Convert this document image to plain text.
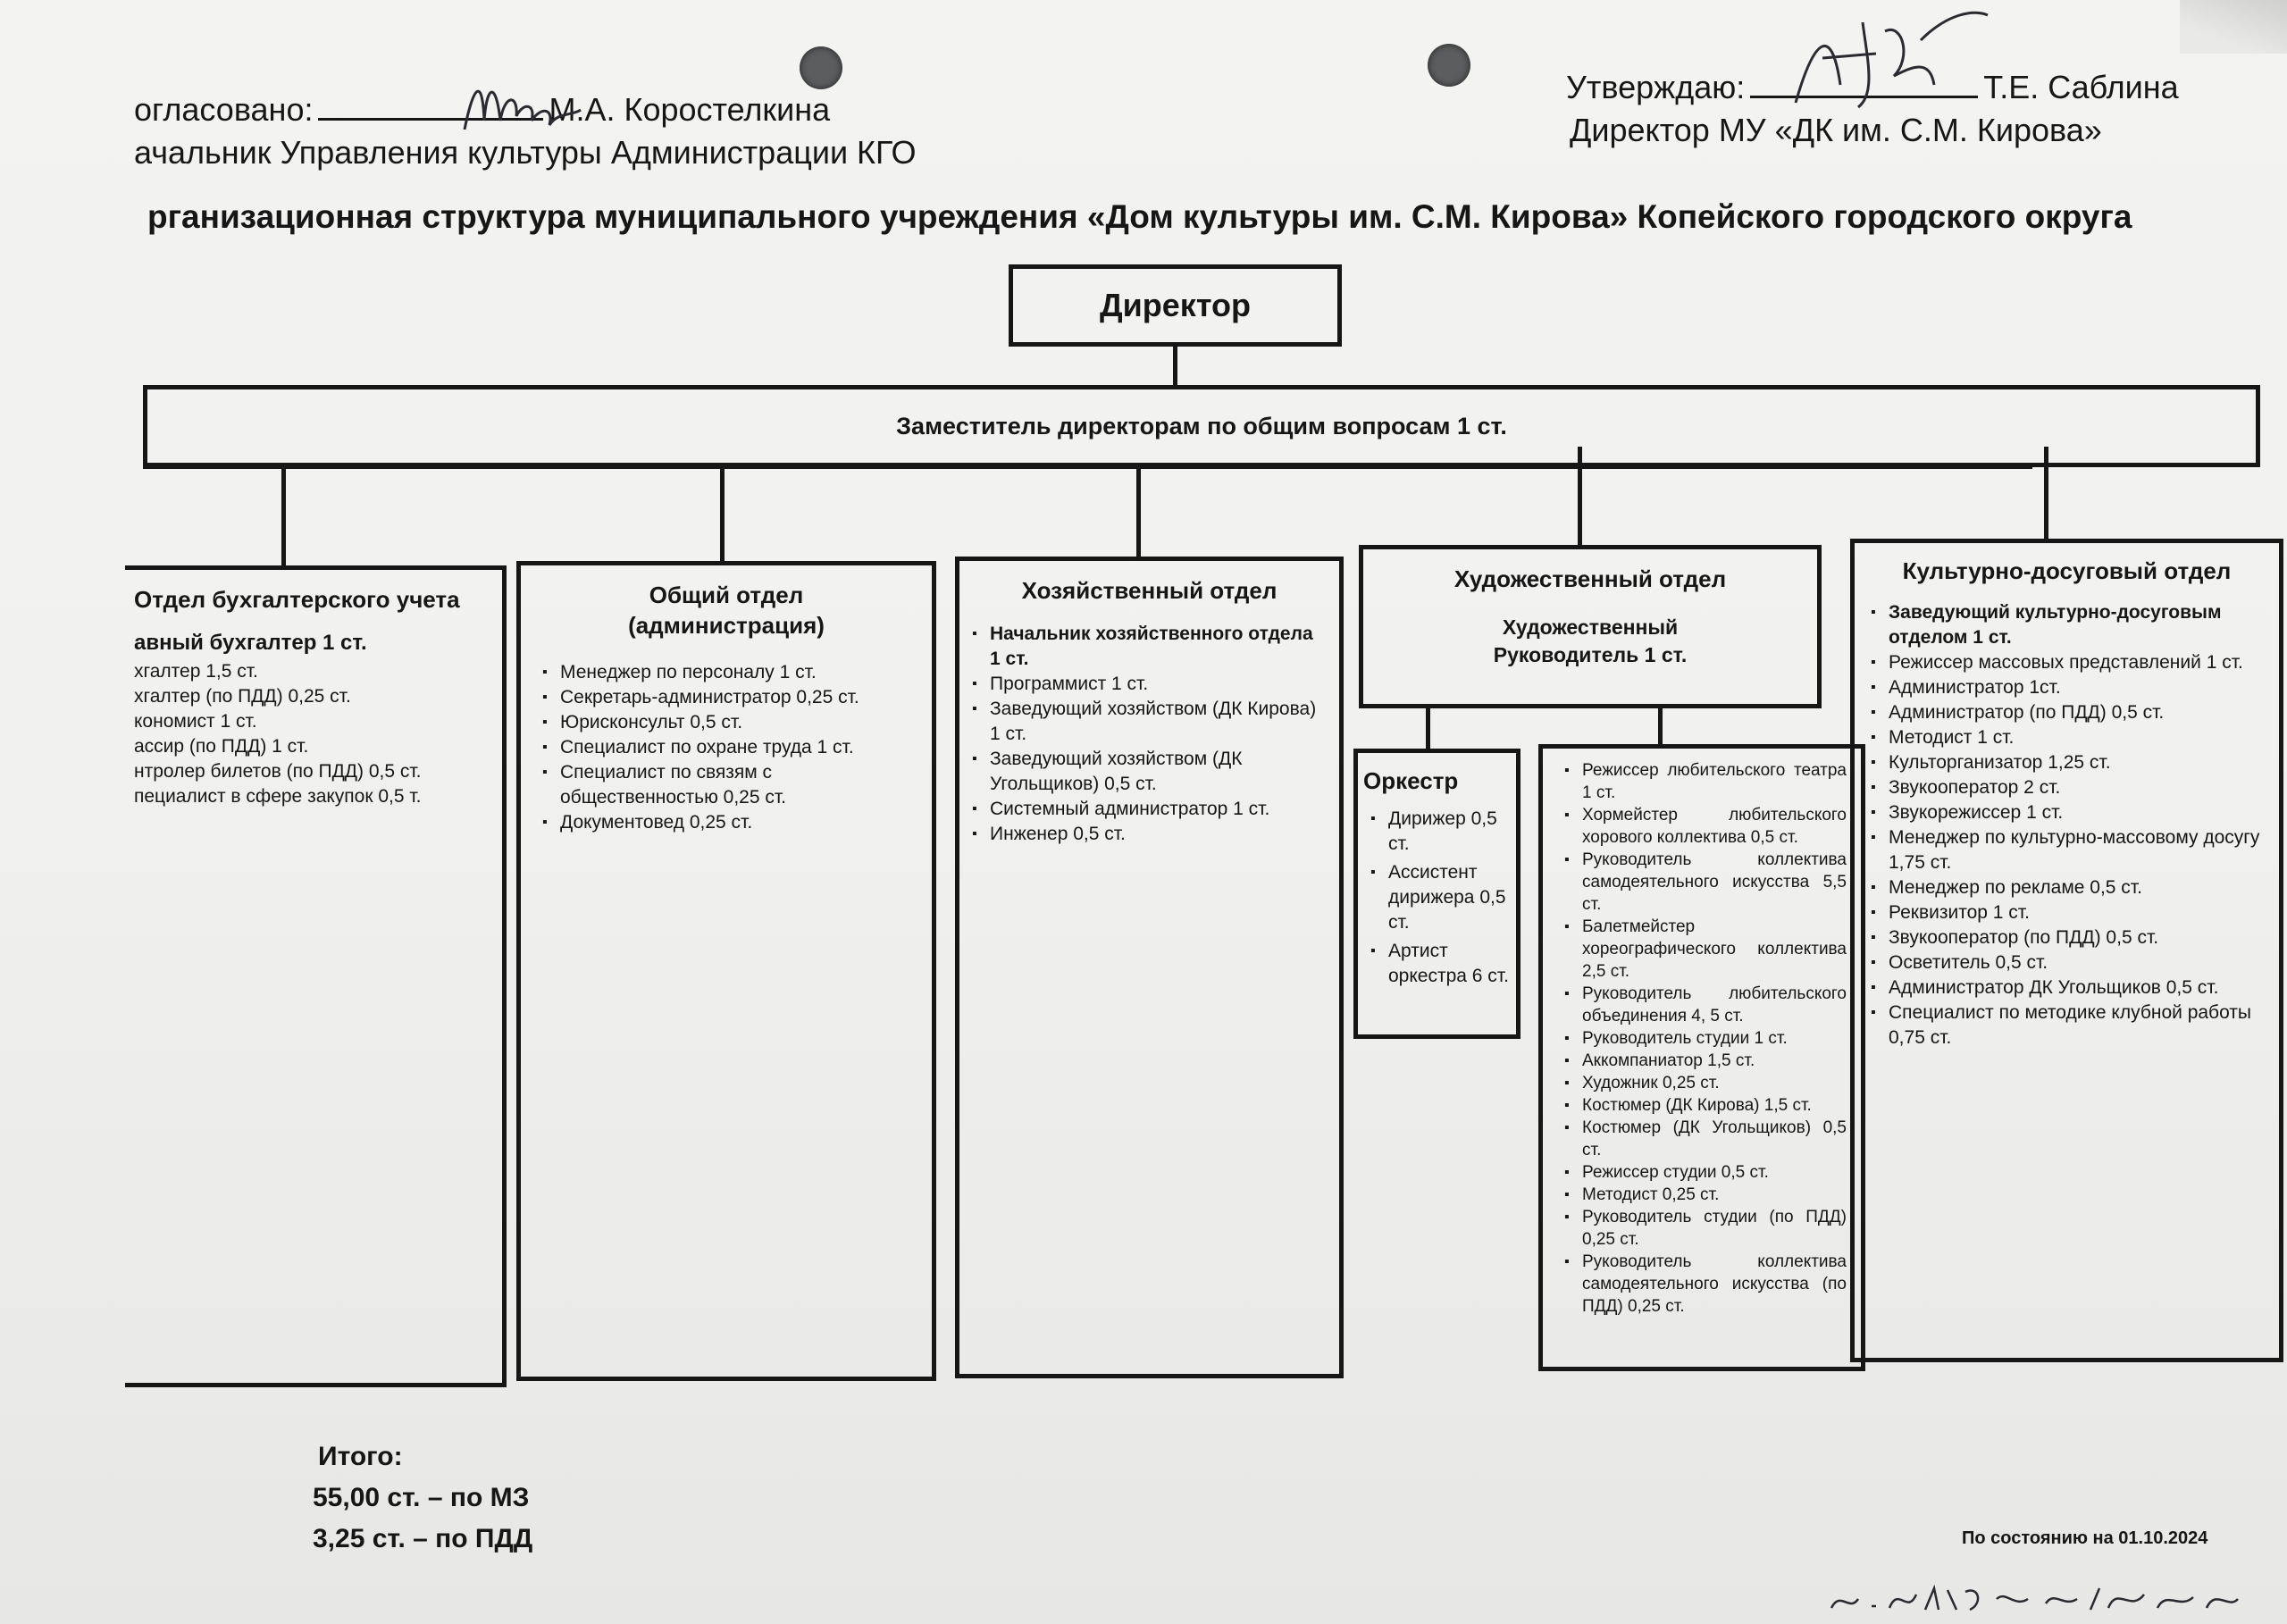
огласовано:	М.А. Коростелкина
ачальник Управления культуры Администрации КГО
Утверждаю:	Т.Е. Саблина
Директор МУ «ДК им. С.М. Кирова»
рганизационная структура муниципального учреждения «Дом культуры им. С.М. Кирова» Копейского городского округа
Директор
Заместитель директорам по общим вопросам 1 ст.
Отдел бухгалтерского учета
авный бухгалтер 1 ст.
хгалтер 1,5 ст.
хгалтер (по ПДД) 0,25 ст.
кономист 1 ст.
ассир (по ПДД) 1 ст.
нтролер билетов (по ПДД) 0,5 ст.
пециалист в сфере закупок 0,5 т.
Общий отдел (администрация)
▪ Менеджер по персоналу 1 ст.
▪ Секретарь-администратор 0,25 ст.
▪ Юрисконсульт 0,5 ст.
▪ Специалист по охране труда 1 ст.
▪ Специалист по связям с общественностью 0,25 ст.
▪ Документовед 0,25 ст.
Хозяйственный отдел
▪ Начальник хозяйственного отдела 1 ст.
▪ Программист 1 ст.
▪ Заведующий хозяйством (ДК Кирова) 1 ст.
▪ Заведующий хозяйством (ДК Угольщиков) 0,5 ст.
▪ Системный администратор 1 ст.
▪ Инженер 0,5 ст.
Художественный отдел
Художественный Руководитель 1 ст.
Оркестр
▪ Дирижер 0,5 ст.
▪ Ассистент дирижера 0,5 ст.
▪ Артист оркестра 6 ст.
▪ Режиссер любительского театра 1 ст.
▪ Хормейстер любительского хорового коллектива 0,5 ст.
▪ Руководитель коллектива самодеятельного искусства 5,5 ст.
▪ Балетмейстер хореографического коллектива 2,5 ст.
▪ Руководитель любительского объединения 4, 5 ст.
▪ Руководитель студии 1 ст.
▪ Аккомпаниатор 1,5 ст.
▪ Художник 0,25 ст.
▪ Костюмер (ДК Кирова) 1,5 ст.
▪ Костюмер (ДК Угольщиков) 0,5 ст.
▪ Режиссер студии 0,5 ст.
▪ Методист 0,25 ст.
▪ Руководитель студии (по ПДД) 0,25 ст.
▪ Руководитель коллектива самодеятельного искусства (по ПДД) 0,25 ст.
Культурно-досуговый отдел
▪ Заведующий культурно-досуговым отделом 1 ст.
▪ Режиссер массовых представлений 1 ст.
▪ Администратор 1ст.
▪ Администратор (по ПДД) 0,5 ст.
▪ Методист 1 ст.
▪ Культорганизатор 1,25 ст.
▪ Звукооператор 2 ст.
▪ Звукорежиссер 1 ст.
▪ Менеджер по культурно-массовому досугу 1,75 ст.
▪ Менеджер по рекламе 0,5 ст.
▪ Реквизитор 1 ст.
▪ Звукооператор (по ПДД) 0,5 ст.
▪ Осветитель 0,5 ст.
▪ Администратор ДК Угольщиков 0,5 ст.
▪ Специалист по методике клубной работы 0,75 ст.
Итого:
55,00 ст. – по МЗ
3,25 ст. – по ПДД	По состоянию на 01.10.2024
